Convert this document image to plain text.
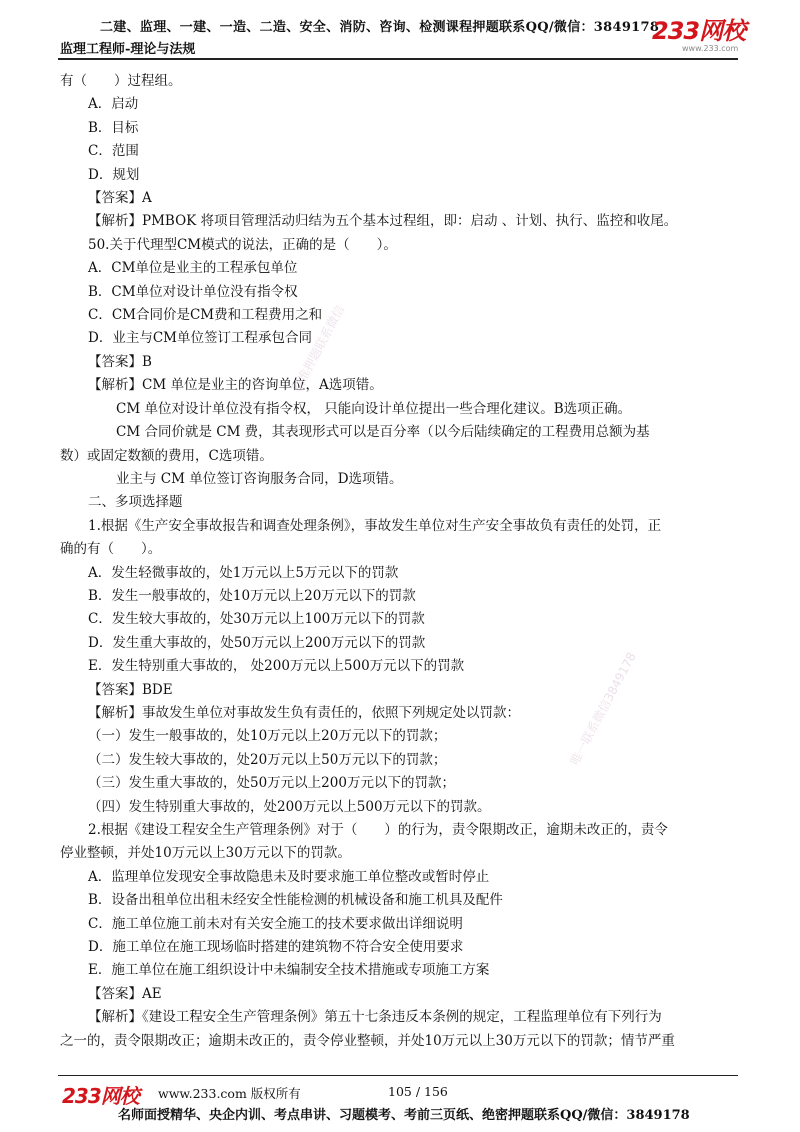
二建、监理、一建、一造、二造、安全、消防、咨询、检测课程押题联系QQ/微信：3849178
监理工程师-理论与法规
233网校
www.233.com
精准押题联系微信
唯一联系微信3849178

有（　　）过程组。

A．启动

B．目标

C．范围

D．规划

【答案】A

【解析】PMBOK 将项目管理活动归结为五个基本过程组，即：启动 、计划、执行、监控和收尾。

50.关于代理型CM模式的说法，正确的是（　　）。

A．CM单位是业主的工程承包单位

B．CM单位对设计单位没有指令权

C．CM合同价是CM费和工程费用之和

D．业主与CM单位签订工程承包合同

【答案】B

【解析】CM 单位是业主的咨询单位，A选项错。

CM 单位对设计单位没有指令权， 只能向设计单位提出一些合理化建议。B选项正确。

CM 合同价就是 CM 费，其表现形式可以是百分率（以今后陆续确定的工程费用总额为基

数）或固定数额的费用，C选项错。

业主与 CM 单位签订咨询服务合同，D选项错。

二、多项选择题

1.根据《生产安全事故报告和调查处理条例》，事故发生单位对生产安全事故负有责任的处罚，正

确的有（　　）。

A．发生轻微事故的，处1万元以上5万元以下的罚款

B．发生一般事故的，处10万元以上20万元以下的罚款

C．发生较大事故的，处30万元以上100万元以下的罚款

D．发生重大事故的，处50万元以上200万元以下的罚款

E．发生特别重大事故的， 处200万元以上500万元以下的罚款

【答案】BDE

【解析】事故发生单位对事故发生负有责任的，依照下列规定处以罚款：

（一）发生一般事故的，处10万元以上20万元以下的罚款；

（二）发生较大事故的，处20万元以上50万元以下的罚款；

（三）发生重大事故的，处50万元以上200万元以下的罚款；

（四）发生特别重大事故的，处200万元以上500万元以下的罚款。

2.根据《建设工程安全生产管理条例》对于（　　）的行为，责令限期改正，逾期未改正的，责令

停业整顿，并处10万元以上30万元以下的罚款。

A．监理单位发现安全事故隐患未及时要求施工单位整改或暂时停止

B．设备出租单位出租未经安全性能检测的机械设备和施工机具及配件

C．施工单位施工前未对有关安全施工的技术要求做出详细说明

D．施工单位在施工现场临时搭建的建筑物不符合安全使用要求

E．施工单位在施工组织设计中未编制安全技术措施或专项施工方案

【答案】AE

【解析】《建设工程安全生产管理条例》第五十七条违反本条例的规定，工程监理单位有下列行为

之一的，责令限期改正；逾期未改正的，责令停业整顿，并处10万元以上30万元以下的罚款；情节严重

233网校 www.233.com 版权所有	105 / 156
名师面授精华、央企内训、考点串讲、习题模考、考前三页纸、绝密押题联系QQ/微信：3849178
